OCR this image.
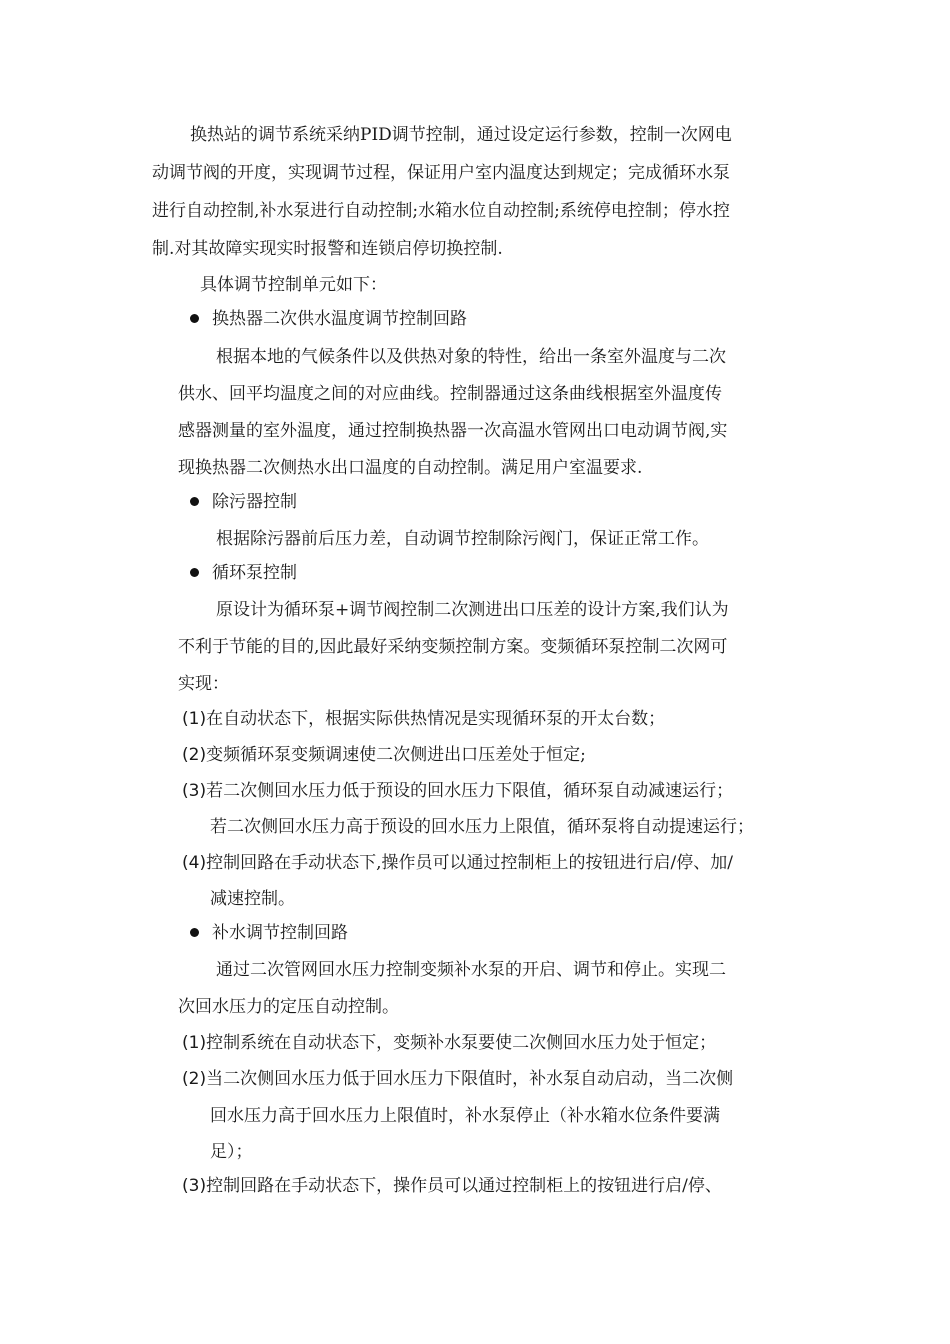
换热站的调节系统采纳PID调节控制，通过设定运行参数，控制一次网电
动调节阀的开度，实现调节过程，保证用户室内温度达到规定；完成循环水泵
进行自动控制,补水泵进行自动控制;水箱水位自动控制;系统停电控制；停水控
制.对其故障实现实时报警和连锁启停切换控制.
具体调节控制单元如下：
换热器二次供水温度调节控制回路
根据本地的气候条件以及供热对象的特性，给出一条室外温度与二次
供水、回平均温度之间的对应曲线。控制器通过这条曲线根据室外温度传
感器测量的室外温度，通过控制换热器一次高温水管网出口电动调节阀,实
现换热器二次侧热水出口温度的自动控制。满足用户室温要求.
除污器控制
根据除污器前后压力差，自动调节控制除污阀门，保证正常工作。
循环泵控制
原设计为循环泵+调节阀控制二次测进出口压差的设计方案,我们认为
不利于节能的目的,因此最好采纳变频控制方案。变频循环泵控制二次网可
实现：
(1)在自动状态下，根据实际供热情况是实现循环泵的开太台数；
(2)变频循环泵变频调速使二次侧进出口压差处于恒定;
(3)若二次侧回水压力低于预设的回水压力下限值，循环泵自动减速运行；
若二次侧回水压力高于预设的回水压力上限值，循环泵将自动提速运行；
(4)控制回路在手动状态下,操作员可以通过控制柜上的按钮进行启/停、加/
减速控制。
补水调节控制回路
通过二次管网回水压力控制变频补水泵的开启、调节和停止。实现二
次回水压力的定压自动控制。
(1)控制系统在自动状态下，变频补水泵要使二次侧回水压力处于恒定；
(2)当二次侧回水压力低于回水压力下限值时，补水泵自动启动，当二次侧
回水压力高于回水压力上限值时，补水泵停止（补水箱水位条件要满
足）；
(3)控制回路在手动状态下，操作员可以通过控制柜上的按钮进行启/停、
